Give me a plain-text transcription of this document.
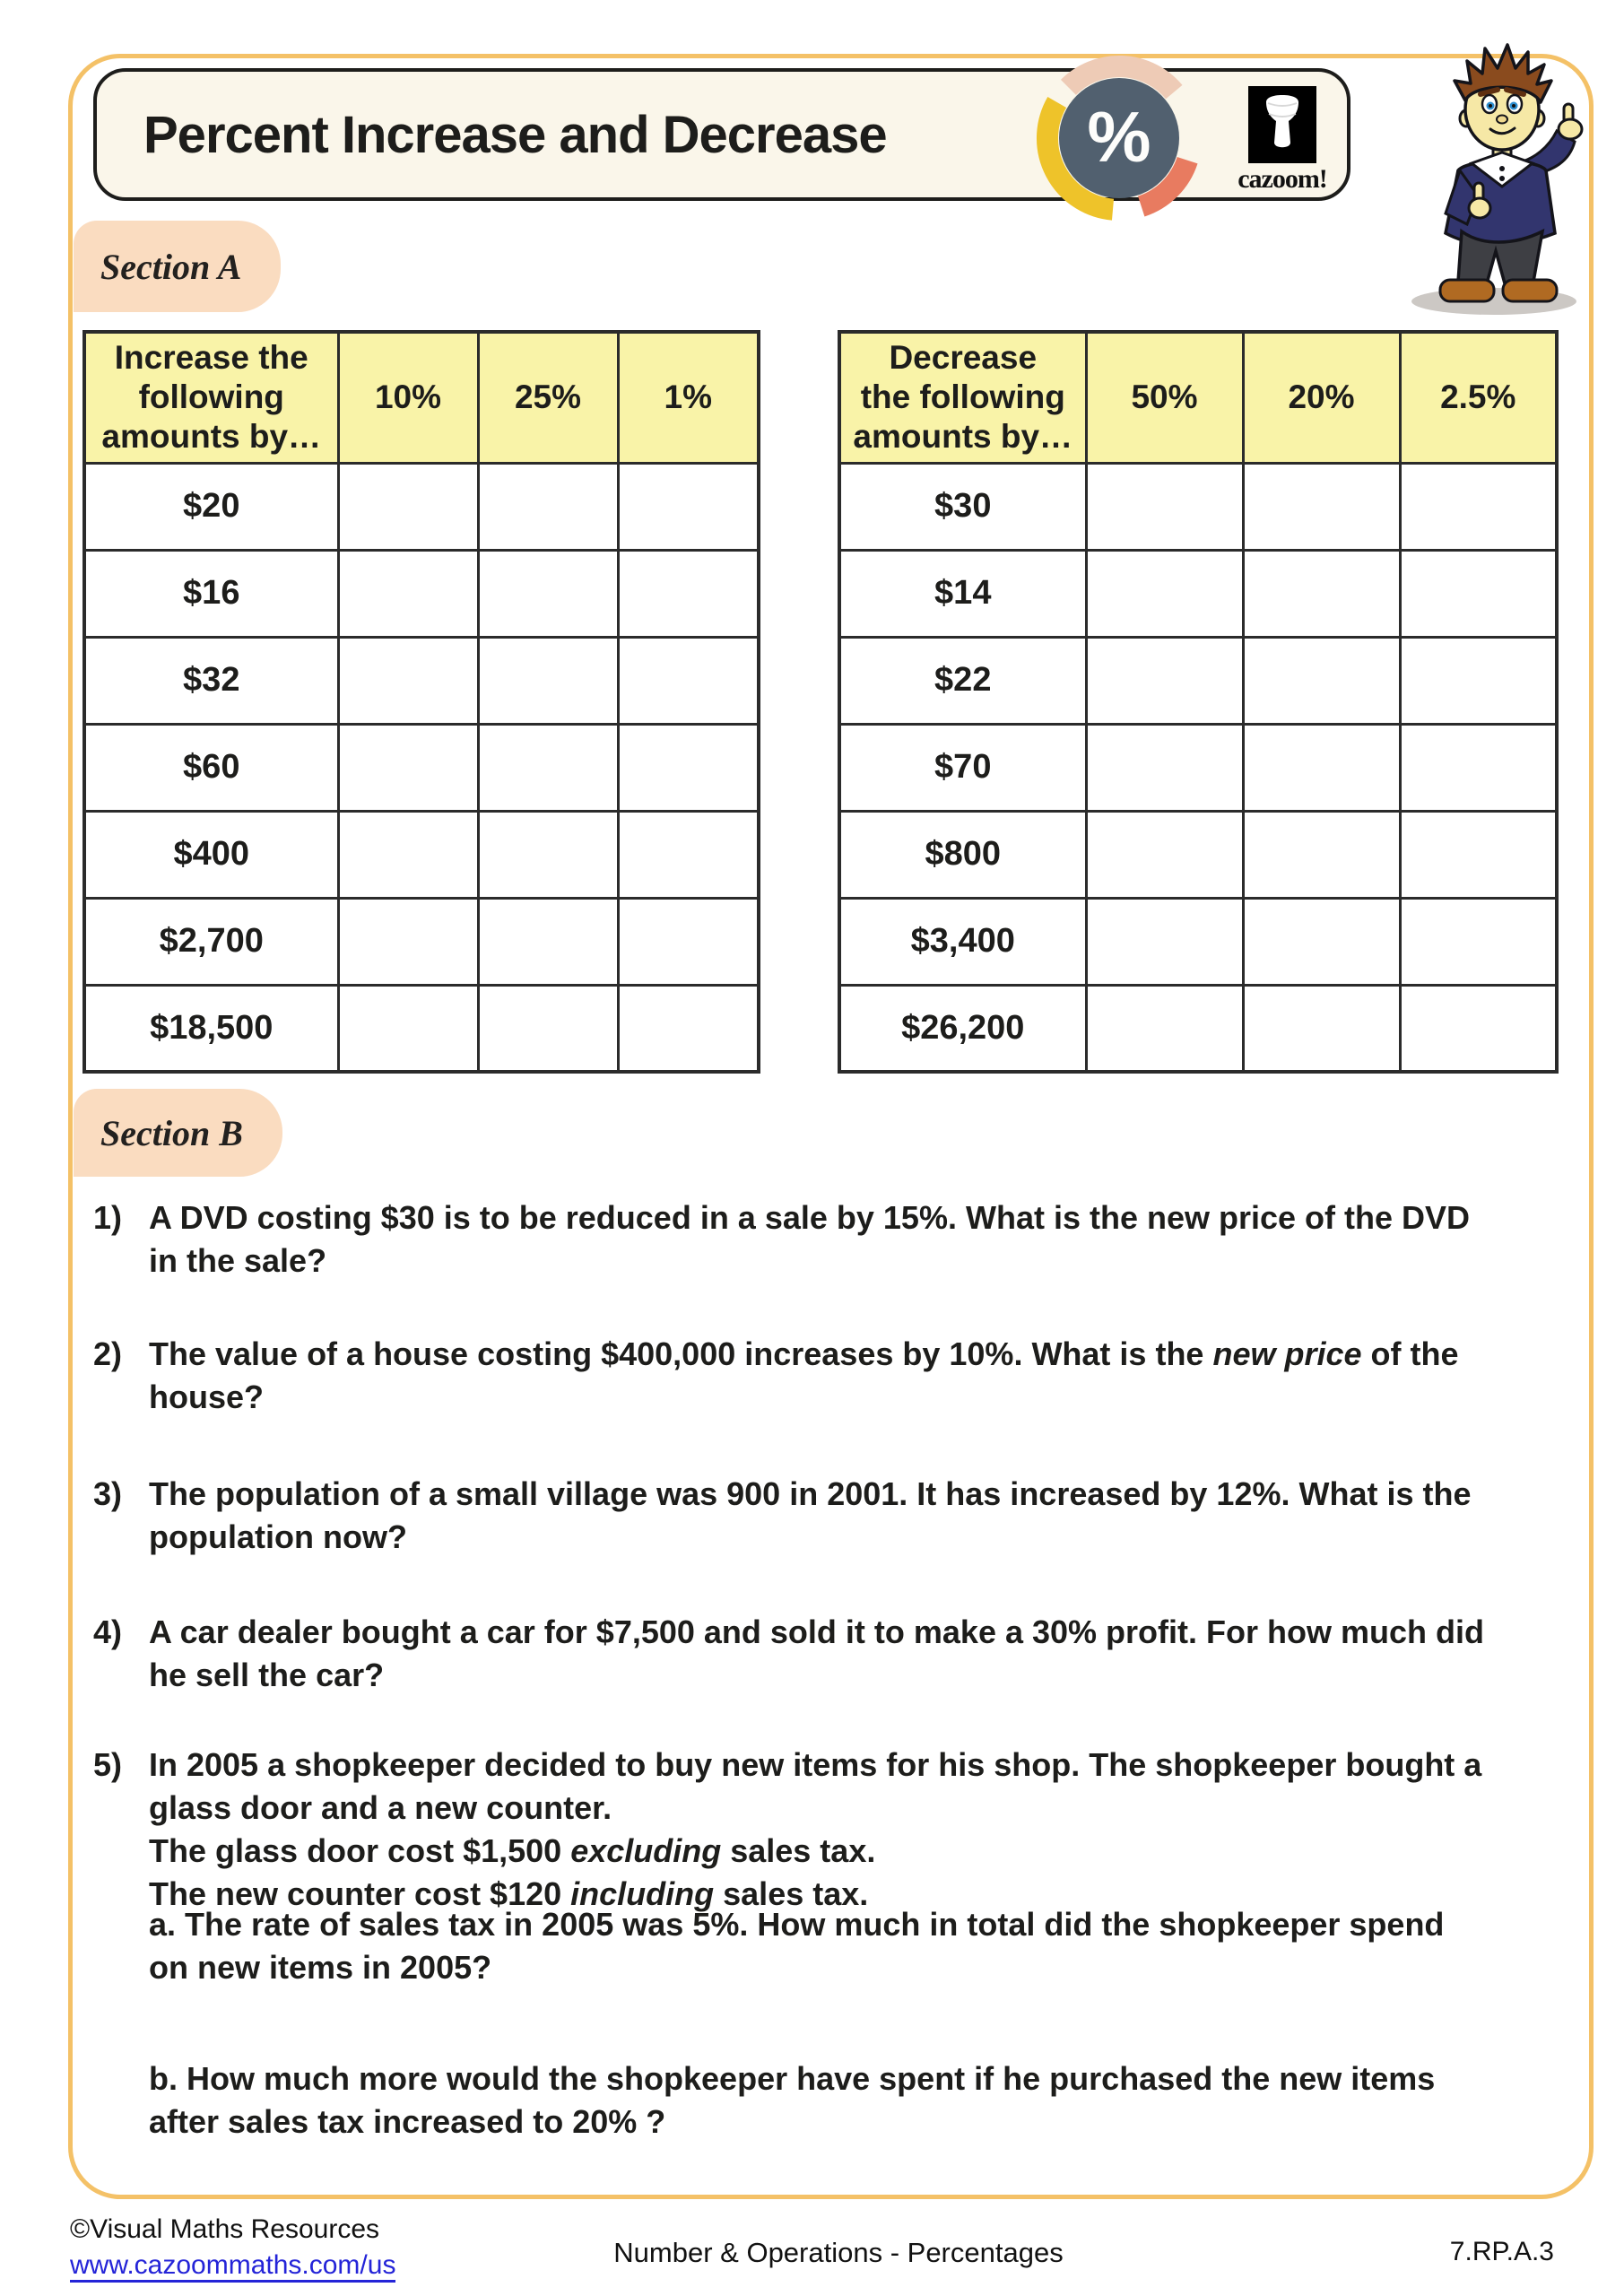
Percent Increase and Decrease	%
cazoom!
Section A
Increase the
following
amounts by…	10%	25%	1%
$20			
$16			
$32			
$60			
$400			
$2,700			
$18,500			
Decrease
the following
amounts by…	50%	20%	2.5%
$30			
$14			
$22			
$70			
$800			
$3,400			
$26,200			
Section B
1) A DVD costing $30 is to be reduced in a sale by 15%. What is the new price of the DVD
in the sale?
2) The value of a house costing $400,000 increases by 10%. What is the new price of the
house?
3) The population of a small village was 900 in 2001. It has increased by 12%. What is the
population now?
4) A car dealer bought a car for $7,500 and sold it to make a 30% profit. For how much did
he sell the car?
5) In 2005 a shopkeeper decided to buy new items for his shop. The shopkeeper bought a
glass door and a new counter.
The glass door cost $1,500 excluding sales tax.
The new counter cost $120 including sales tax.
a. The rate of sales tax in 2005 was 5%. How much in total did the shopkeeper spend
on new items in 2005?
b. How much more would the shopkeeper have spent if he purchased the new items
after sales tax increased to 20% ?
©Visual Maths Resources
www.cazoommaths.com/us	Number & Operations - Percentages	7.RP.A.3
